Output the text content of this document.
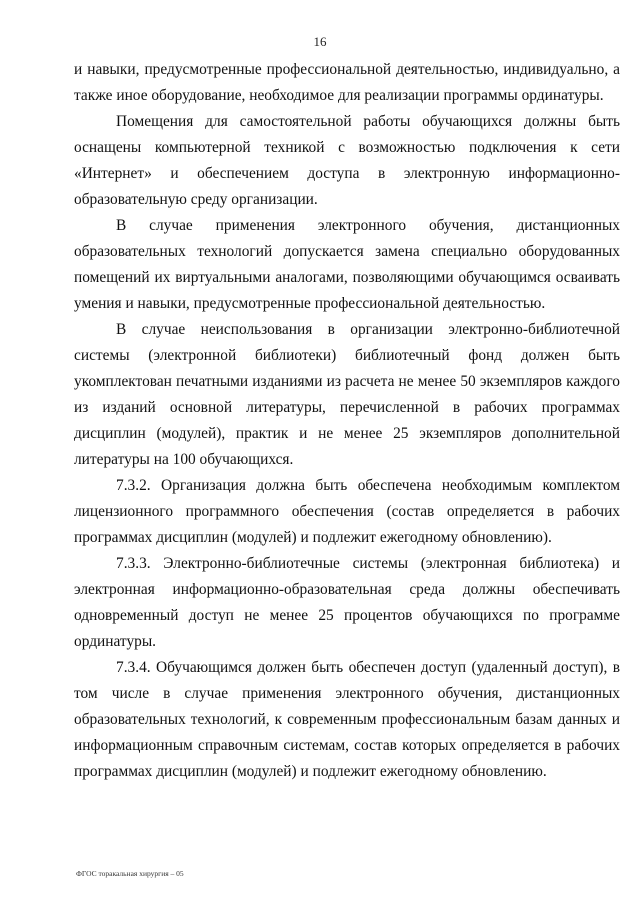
16

и навыки, предусмотренные профессиональной деятельностью, индивидуально, а также иное оборудование, необходимое для реализации программы ординатуры.

Помещения для самостоятельной работы обучающихся должны быть оснащены компьютерной техникой с возможностью подключения к сети «Интернет» и обеспечением доступа в электронную информационно-образовательную среду организации.

В случае применения электронного обучения, дистанционных образовательных технологий допускается замена специально оборудованных помещений их виртуальными аналогами, позволяющими обучающимся осваивать умения и навыки, предусмотренные профессиональной деятельностью.

В случае неиспользования в организации электронно-библиотечной системы (электронной библиотеки) библиотечный фонд должен быть укомплектован печатными изданиями из расчета не менее 50 экземпляров каждого из изданий основной литературы, перечисленной в рабочих программах дисциплин (модулей), практик и не менее 25 экземпляров дополнительной литературы на 100 обучающихся.

7.3.2. Организация должна быть обеспечена необходимым комплектом лицензионного программного обеспечения (состав определяется в рабочих программах дисциплин (модулей) и подлежит ежегодному обновлению).

7.3.3. Электронно-библиотечные системы (электронная библиотека) и электронная информационно-образовательная среда должны обеспечивать одновременный доступ не менее 25 процентов обучающихся по программе ординатуры.

7.3.4. Обучающимся должен быть обеспечен доступ (удаленный доступ), в том числе в случае применения электронного обучения, дистанционных образовательных технологий, к современным профессиональным базам данных и информационным справочным системам, состав которых определяется в рабочих программах дисциплин (модулей) и подлежит ежегодному обновлению.

ФГОС торакальная хирургия – 05
